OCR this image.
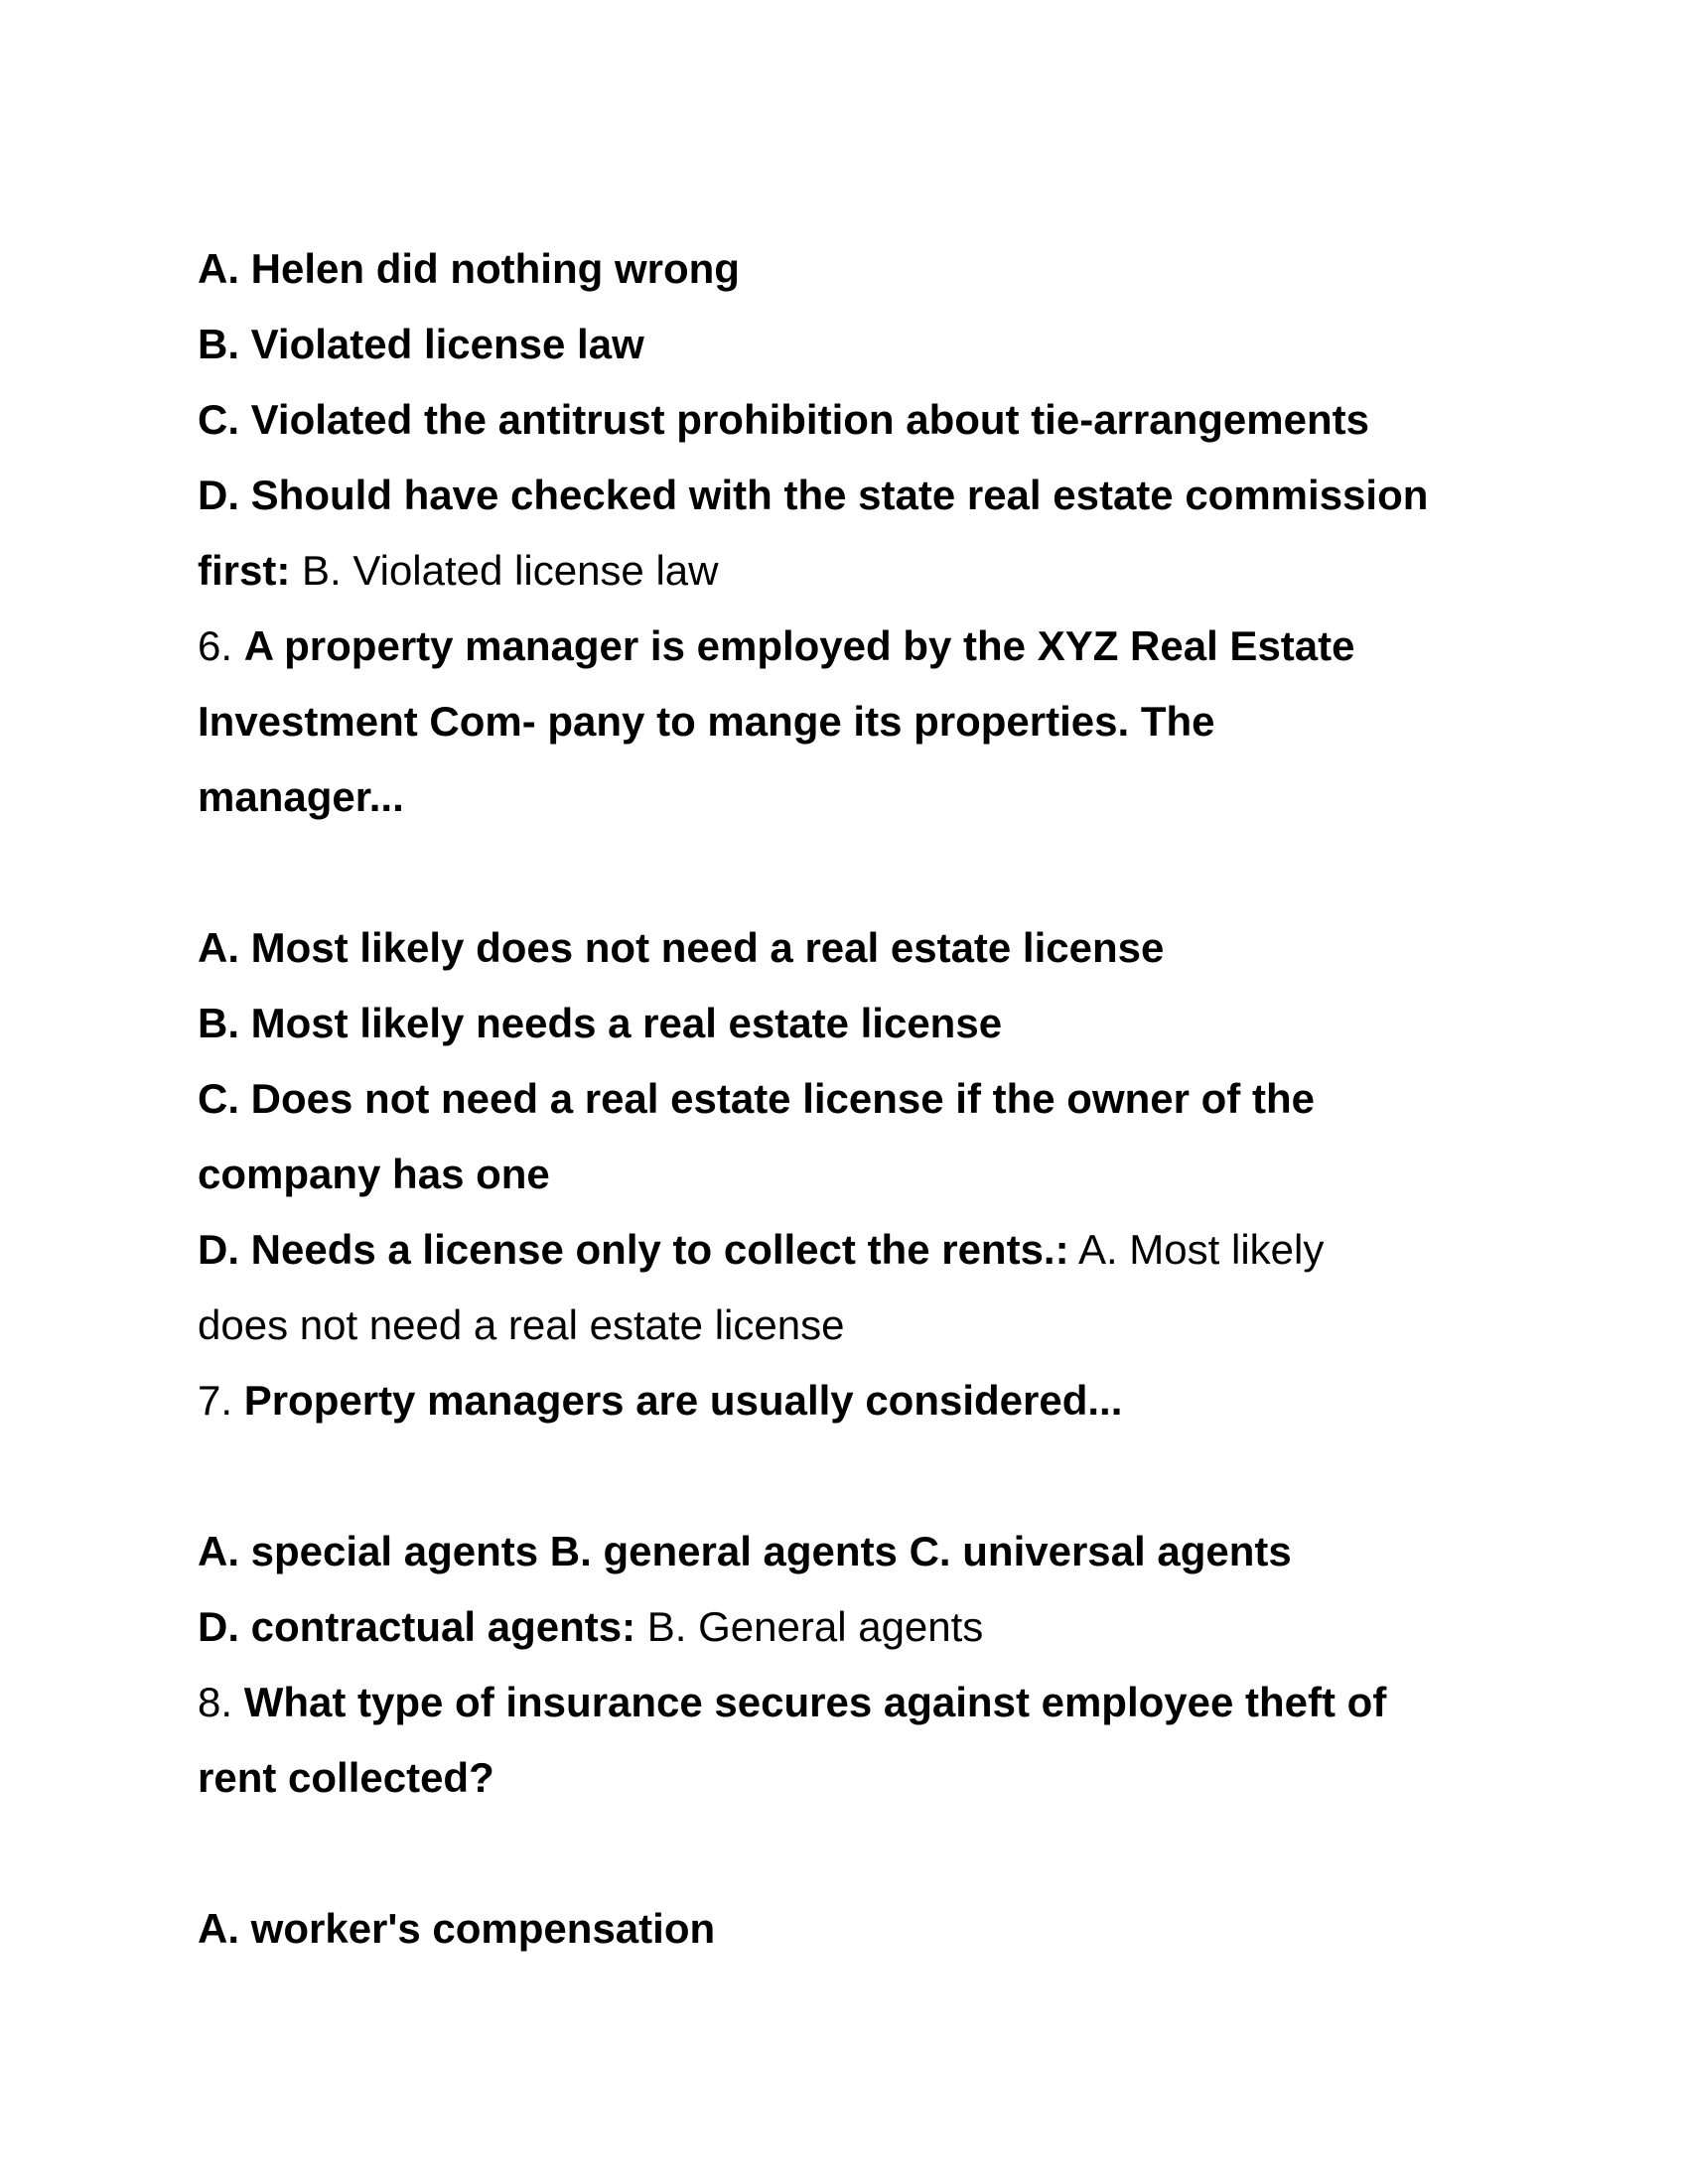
A. Helen did nothing wrong
B. Violated license law
C. Violated the antitrust prohibition about tie-arrangements
D. Should have checked with the state real estate commission
first: B. Violated license law
6. A property manager is employed by the XYZ Real Estate
Investment Com- pany to mange its properties. The
manager...
A. Most likely does not need a real estate license
B. Most likely needs a real estate license
C. Does not need a real estate license if the owner of the
company has one
D. Needs a license only to collect the rents.: A. Most likely
does not need a real estate license
7. Property managers are usually considered...
A. special agents B. general agents C. universal agents
D. contractual agents: B. General agents
8. What type of insurance secures against employee theft of
rent collected?
A. worker's compensation
